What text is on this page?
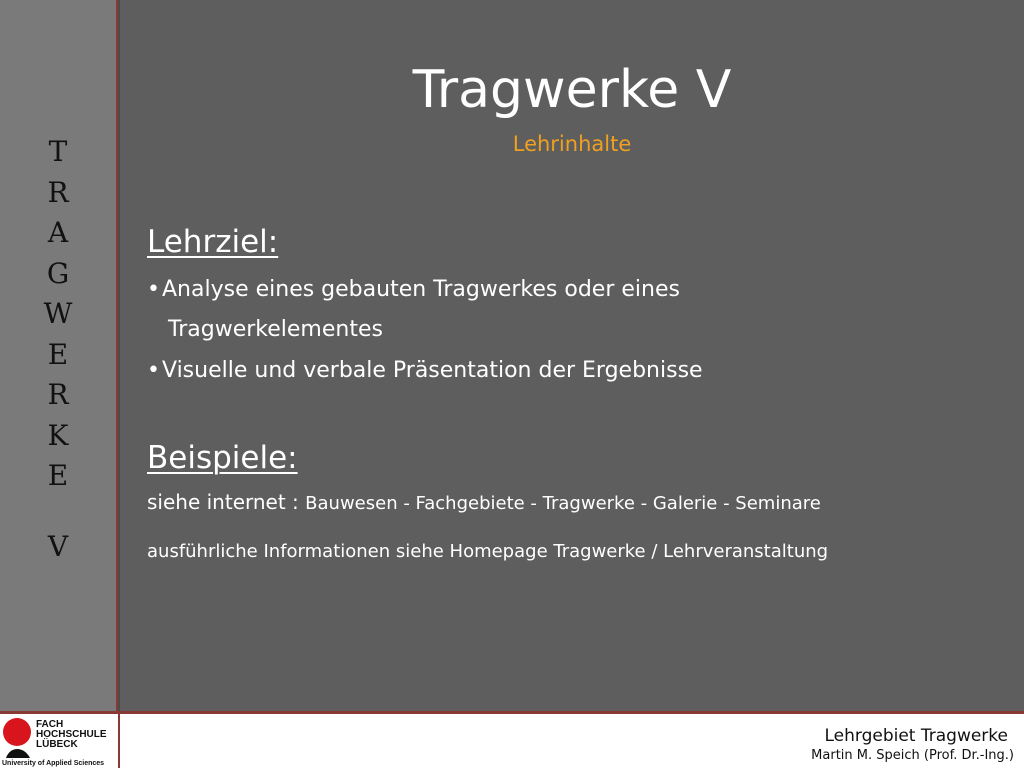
T
R
A
G
W
E
R
K
E
V
Tragwerke V
Lehrinhalte
Lehrziel:
•Analyse eines gebauten Tragwerkes oder eines
Tragwerkelementes
•Visuelle und verbale Präsentation der Ergebnisse
Beispiele:
siehe internet : Bauwesen - Fachgebiete - Tragwerke - Galerie - Seminare
ausführliche Informationen siehe Homepage Tragwerke / Lehrveranstaltung
FACH
HOCHSCHULE
LÜBECK
University of Applied Sciences
Lehrgebiet Tragwerke
Martin M. Speich (Prof. Dr.-Ing.)
